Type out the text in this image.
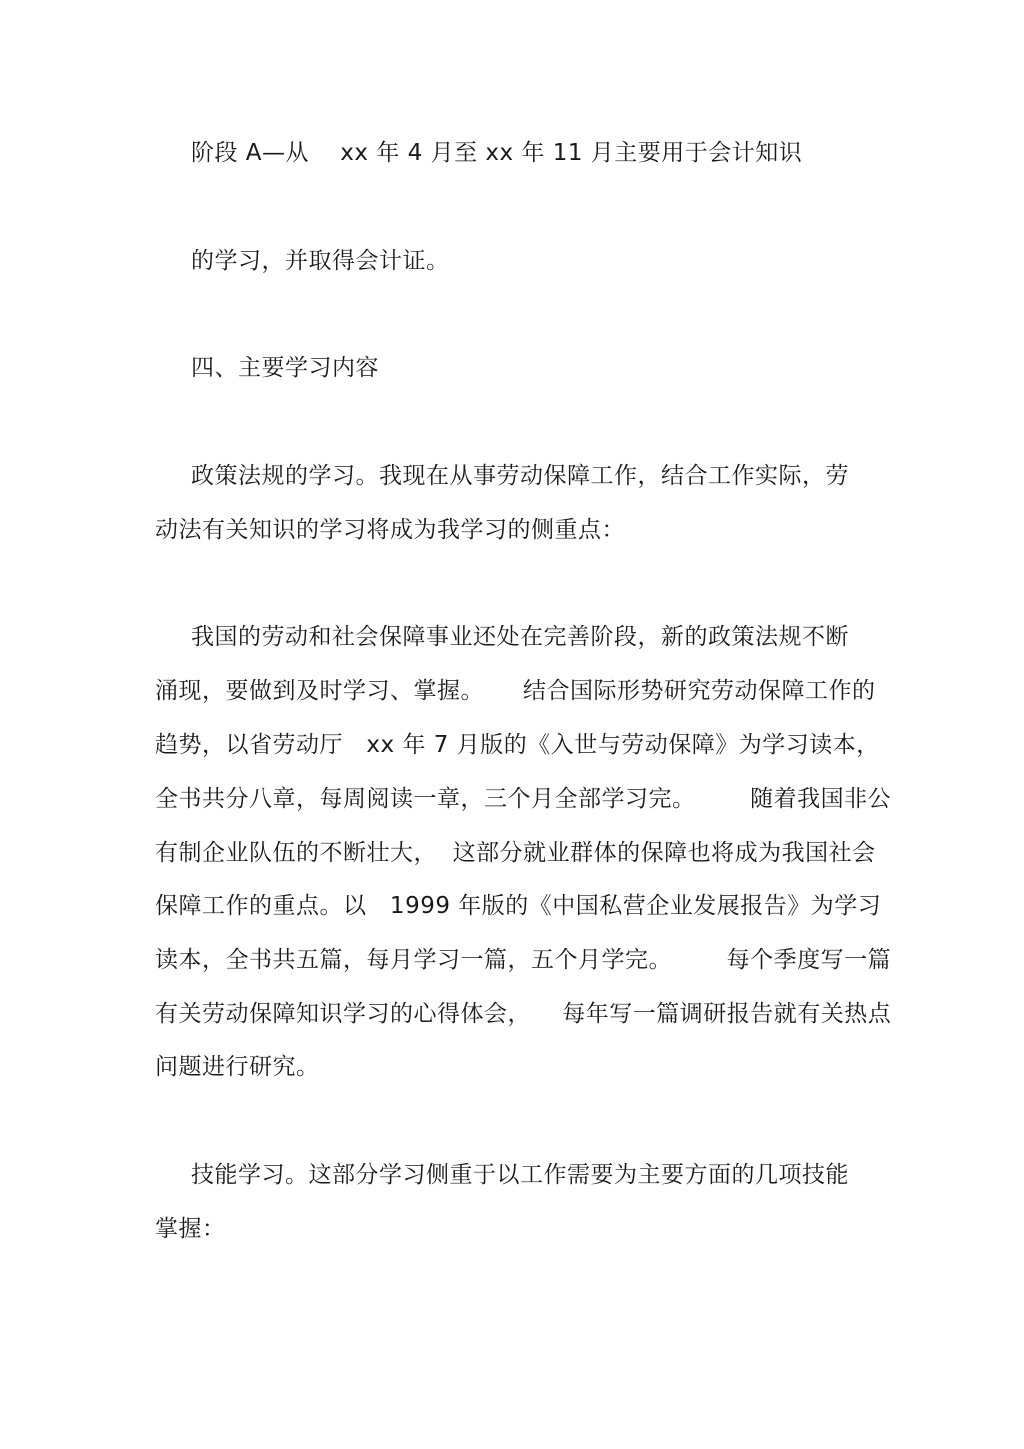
阶段 A—从    xx 年 4 月至 xx 年 11 月主要用于会计知识
的学习，并取得会计证。
四、主要学习内容
政策法规的学习。我现在从事劳动保障工作，结合工作实际，劳
动法有关知识的学习将成为我学习的侧重点：
我国的劳动和社会保障事业还处在完善阶段，新的政策法规不断
涌现，要做到及时学习、掌握。     结合国际形势研究劳动保障工作的
趋势，以省劳动厅   xx 年 7 月版的《入世与劳动保障》为学习读本，
全书共分八章，每周阅读一章，三个月全部学习完。       随着我国非公
有制企业队伍的不断壮大，  这部分就业群体的保障也将成为我国社会
保障工作的重点。以   1999 年版的《中国私营企业发展报告》为学习
读本，全书共五篇，每月学习一篇，五个月学完。       每个季度写一篇
有关劳动保障知识学习的心得体会，    每年写一篇调研报告就有关热点
问题进行研究。
技能学习。这部分学习侧重于以工作需要为主要方面的几项技能
掌握：
